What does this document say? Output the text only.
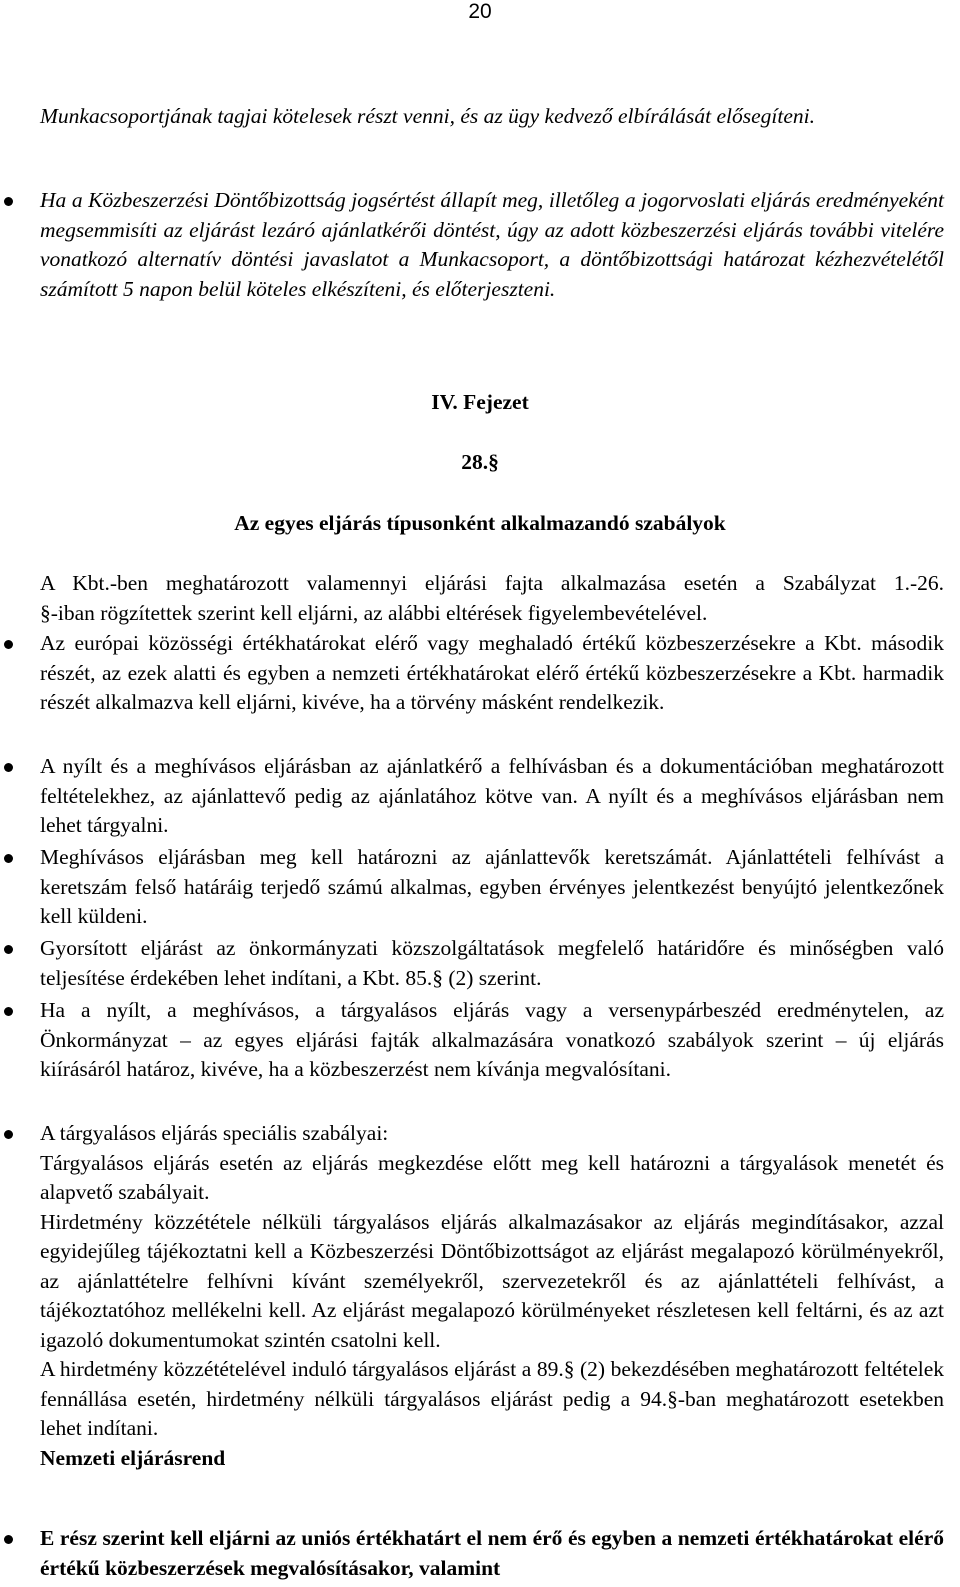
20
Munkacsoportjának tagjai kötelesek részt venni, és az ügy kedvező elbírálását elősegíteni.
Ha a Közbeszerzési Döntőbizottság jogsértést állapít meg, illetőleg a jogorvoslati eljárás eredményeként megsemmisíti az eljárást lezáró ajánlatkérői döntést, úgy az adott közbeszerzési eljárás további vitelére vonatkozó alternatív döntési javaslatot a Munkacsoport, a döntőbizottsági határozat kézhezvételétől számított 5 napon belül köteles elkészíteni, és előterjeszteni.
IV. Fejezet
28.§
Az egyes eljárás típusonként alkalmazandó szabályok
A Kbt.-ben meghatározott valamennyi eljárási fajta alkalmazása esetén a Szabályzat 1.-26.
§-iban rögzítettek szerint kell eljárni, az alábbi eltérések figyelembevételével.
Az európai közösségi értékhatárokat elérő vagy meghaladó értékű közbeszerzésekre a Kbt. második részét, az ezek alatti és egyben a nemzeti értékhatárokat elérő értékű közbeszerzésekre a Kbt. harmadik részét alkalmazva kell eljárni, kivéve, ha a törvény másként rendelkezik.
A nyílt és a meghívásos eljárásban az ajánlatkérő a felhívásban és a dokumentációban meghatározott feltételekhez, az ajánlattevő pedig az ajánlatához kötve van. A nyílt és a meghívásos eljárásban nem lehet tárgyalni.
Meghívásos eljárásban meg kell határozni az ajánlattevők keretszámát. Ajánlattételi felhívást a keretszám felső határáig terjedő számú alkalmas, egyben érvényes jelentkezést benyújtó jelentkezőnek kell küldeni.
Gyorsított eljárást az önkormányzati közszolgáltatások megfelelő határidőre és minőségben való teljesítése érdekében lehet indítani, a Kbt. 85.§ (2) szerint.
Ha a nyílt, a meghívásos, a tárgyalásos eljárás vagy a versenypárbeszéd eredménytelen, az Önkormányzat – az egyes eljárási fajták alkalmazására vonatkozó szabályok szerint – új eljárás kiírásáról határoz, kivéve, ha a közbeszerzést nem kívánja megvalósítani.
A tárgyalásos eljárás speciális szabályai:
Tárgyalásos eljárás esetén az eljárás megkezdése előtt meg kell határozni a tárgyalások menetét és alapvető szabályait.
Hirdetmény közzététele nélküli tárgyalásos eljárás alkalmazásakor az eljárás megindításakor, azzal egyidejűleg tájékoztatni kell a Közbeszerzési Döntőbizottságot az eljárást megalapozó körülményekről, az ajánlattételre felhívni kívánt személyekről, szervezetekről és az ajánlattételi felhívást, a tájékoztatóhoz mellékelni kell. Az eljárást megalapozó körülményeket részletesen kell feltárni, és az azt igazoló dokumentumokat szintén csatolni kell.
A hirdetmény közzétételével induló tárgyalásos eljárást a 89.§ (2) bekezdésében meghatározott feltételek fennállása esetén, hirdetmény nélküli tárgyalásos eljárást pedig a 94.§-ban meghatározott esetekben lehet indítani.
Nemzeti eljárásrend
E rész szerint kell eljárni az uniós értékhatárt el nem érő és egyben a nemzeti értékhatárokat elérő értékű közbeszerzések megvalósításakor, valamint
